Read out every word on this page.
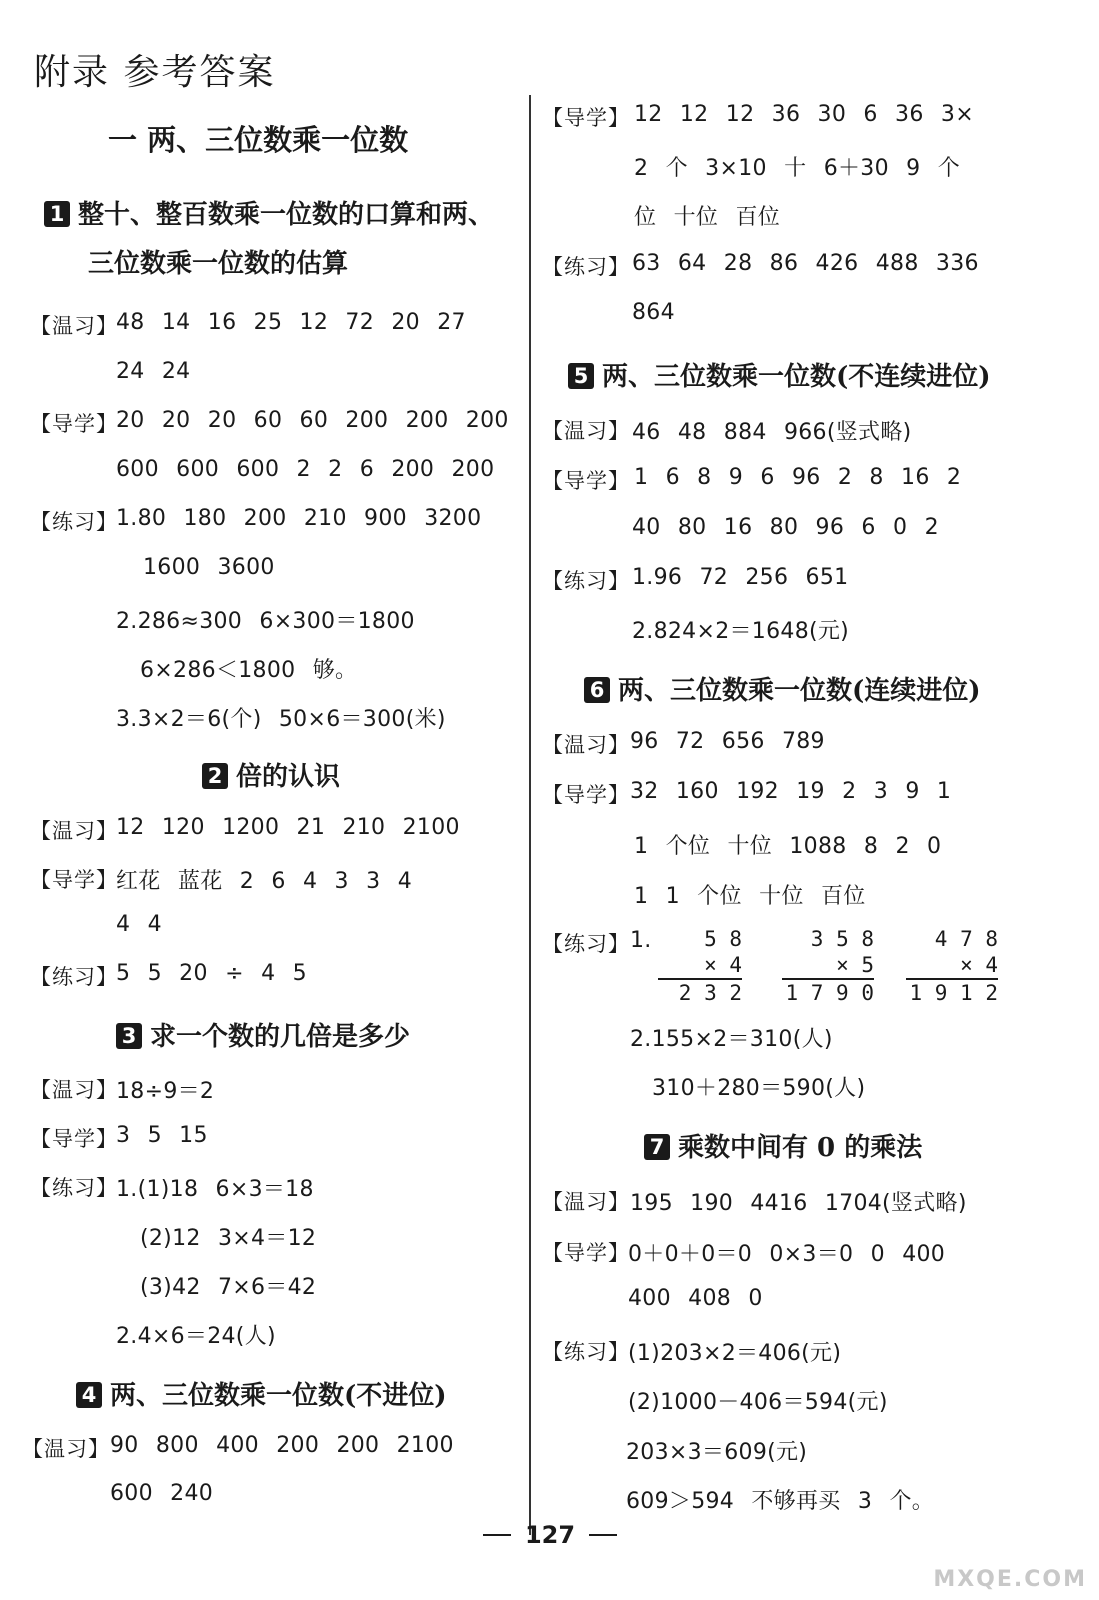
附录 参考答案
一 两、三位数乘一位数
1 整十、整百数乘一位数的口算和两、
三位数乘一位数的估算
【温习】
48 14 16 25 12 72 20 27
24 24
【导学】
20 20 20 60 60 200 200 200
600 600 600 2 2 6 200 200
【练习】
1.80 180 200 210 900 3200
1600 3600
2.286≈300 6×300＝1800
6×286＜1800 够。
3.3×2＝6(个) 50×6＝300(米)
2 倍的认识
【温习】
12 120 1200 21 210 2100
【导学】
红花 蓝花 2 6 4 3 3 4
4 4
【练习】
5 5 20 ÷ 4 5
3 求一个数的几倍是多少
【温习】
18÷9＝2
【导学】
3 5 15
【练习】
1.(1)18 6×3＝18
(2)12 3×4＝12
(3)42 7×6＝42
2.4×6＝24(人)
4 两、三位数乘一位数(不进位)
【温习】 90 800 400 200 200 2100
600 240
【导学】 12 12 12 36 30 6 36 3×
2 个 3×10 十 6＋30 9 个
位 十位 百位
【练习】 63 64 28 86 426 488 336
864
5 两、三位数乘一位数(不连续进位)
【温习】 46 48 884 966(竖式略)
【导学】 1 6 8 9 6 96 2 8 16 2
40 80 16 80 96 6 0 2
【练习】 1.96 72 256 651
2.824×2＝1648(元)
6 两、三位数乘一位数(连续进位)
【温习】 96 72 656 789
【导学】 32 160 192 19 2 3 9 1
1 个位 十位 1088 8 2 0
1 1 个位 十位 百位
【练习】 1.	5 8
× 4
2 3 2
3 5 8
× 5
1 7 9 0
4 7 8
× 4
1 9 1 2
2.155×2＝310(人)
310＋280＝590(人)
7 乘数中间有 0 的乘法
【温习】 195 190 4416 1704(竖式略)
【导学】
0＋0＋0＝0 0×3＝0 0 400
400 408 0
【练习】
(1)203×2＝406(元)
(2)1000－406＝594(元)
203×3＝609(元)
609＞594 不够再买 3 个。
127
MXQE.COM
